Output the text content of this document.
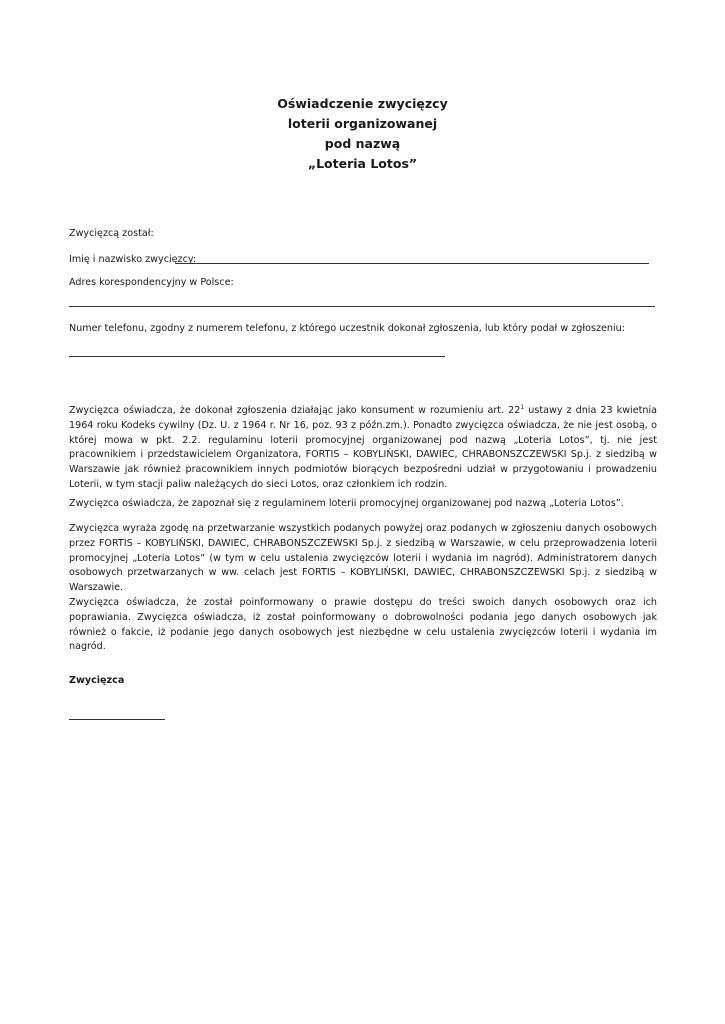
Oświadczenie zwycięzcy

loterii organizowanej

pod nazwą

„Loteria Lotos”

Zwycięzcą został:
Imię i nazwisko zwycięzcy:
Adres korespondencyjny w Polsce:
Numer telefonu, zgodny z numerem telefonu, z którego uczestnik dokonał zgłoszenia, lub który podał w zgłoszeniu:

Zwycięzca oświadcza, że dokonał zgłoszenia działając jako konsument w rozumieniu art. $22^1$ ustawy z dnia 23 kwietnia 1964 roku Kodeks cywilny (Dz. U. z 1964 r. Nr 16, poz. 93 z późn.zm.). Ponadto zwycięzca oświadcza, że nie jest osobą, o której mowa w pkt. 2.2. regulaminu loterii promocyjnej organizowanej pod nazwą „Loteria Lotos”, tj. nie jest pracownikiem i przedstawicielem Organizatora, FORTIS – KOBYLIŃSKI, DAWIEC, CHRABONSZCZEWSKI Sp.j. z siedzibą w Warszawie jak również pracownikiem innych podmiotów biorących bezpośredni udział w przygotowaniu i prowadzeniu Loterii, w tym stacji paliw należących do sieci Lotos, oraz członkiem ich rodzin.

Zwycięzca oświadcza, że zapoznał się z regulaminem loterii promocyjnej organizowanej pod nazwą „Loteria Lotos”.

Zwycięzca wyraża zgodę na przetwarzanie wszystkich podanych powyżej oraz podanych w zgłoszeniu danych osobowych przez FORTIS – KOBYLIŃSKI, DAWIEC, CHRABONSZCZEWSKI Sp.j. z siedzibą w Warszawie, w celu przeprowadzenia loterii promocyjnej „Loteria Lotos” (w tym w celu ustalenia zwycięzców loterii i wydania im nagród). Administratorem danych osobowych przetwarzanych w ww. celach jest FORTIS – KOBYLIŃSKI, DAWIEC, CHRABONSZCZEWSKI Sp.j. z siedzibą w Warszawie.

Zwycięzca oświadcza, że został poinformowany o prawie dostępu do treści swoich danych osobowych oraz ich poprawiania. Zwycięzca oświadcza, iż został poinformowany o dobrowolności podania jego danych osobowych jak również o fakcie, iż podanie jego danych osobowych jest niezbędne w celu ustalenia zwycięzców loterii i wydania im nagród.

Zwycięzca
